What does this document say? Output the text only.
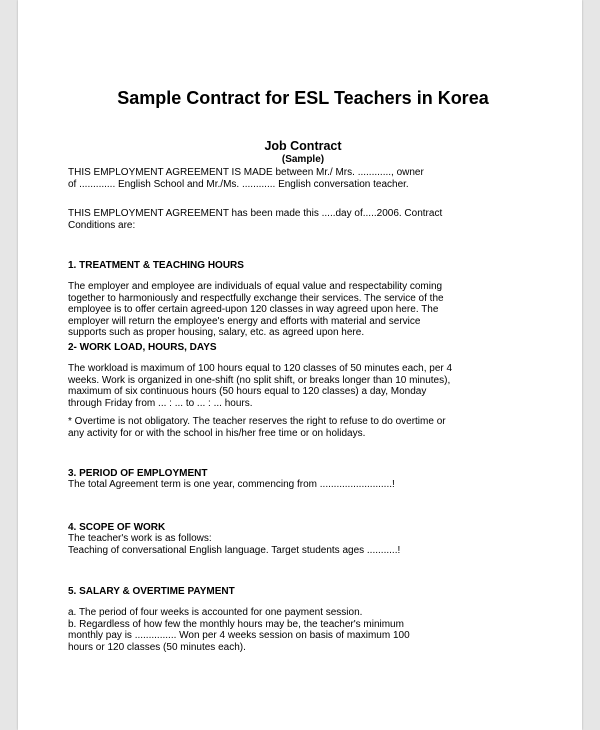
Sample Contract for ESL Teachers in Korea
Job Contract
(Sample)
THIS EMPLOYMENT AGREEMENT IS MADE between Mr./ Mrs. ............, owner
of ............. English School and Mr./Ms. ............ English conversation teacher.
THIS EMPLOYMENT AGREEMENT has been made this .....day of.....2006. Contract
Conditions are:
1. TREATMENT & TEACHING HOURS
The employer and employee are individuals of equal value and respectability coming
together to harmoniously and respectfully exchange their services. The service of the
employee is to offer certain agreed-upon 120 classes in way agreed upon here. The
employer will return the employee's energy and efforts with material and service
supports such as proper housing, salary, etc. as agreed upon here.
2- WORK LOAD, HOURS, DAYS
The workload is maximum of 100 hours equal to 120 classes of 50 minutes each, per 4
weeks. Work is organized in one-shift (no split shift, or breaks longer than 10 minutes),
maximum of six continuous hours (50 hours equal to 120 classes) a day, Monday
through Friday from ... : ... to ... : ... hours.
* Overtime is not obligatory. The teacher reserves the right to refuse to do overtime or
any activity for or with the school in his/her free time or on holidays.
3. PERIOD OF EMPLOYMENT
The total Agreement term is one year, commencing from ..........................!
4. SCOPE OF WORK
The teacher's work is as follows:
Teaching of conversational English language. Target students ages ...........!
5. SALARY & OVERTIME PAYMENT
a. The period of four weeks is accounted for one payment session.
b. Regardless of how few the monthly hours may be, the teacher's minimum
monthly pay is ............... Won per 4 weeks session on basis of maximum 100
hours or 120 classes (50 minutes each).
